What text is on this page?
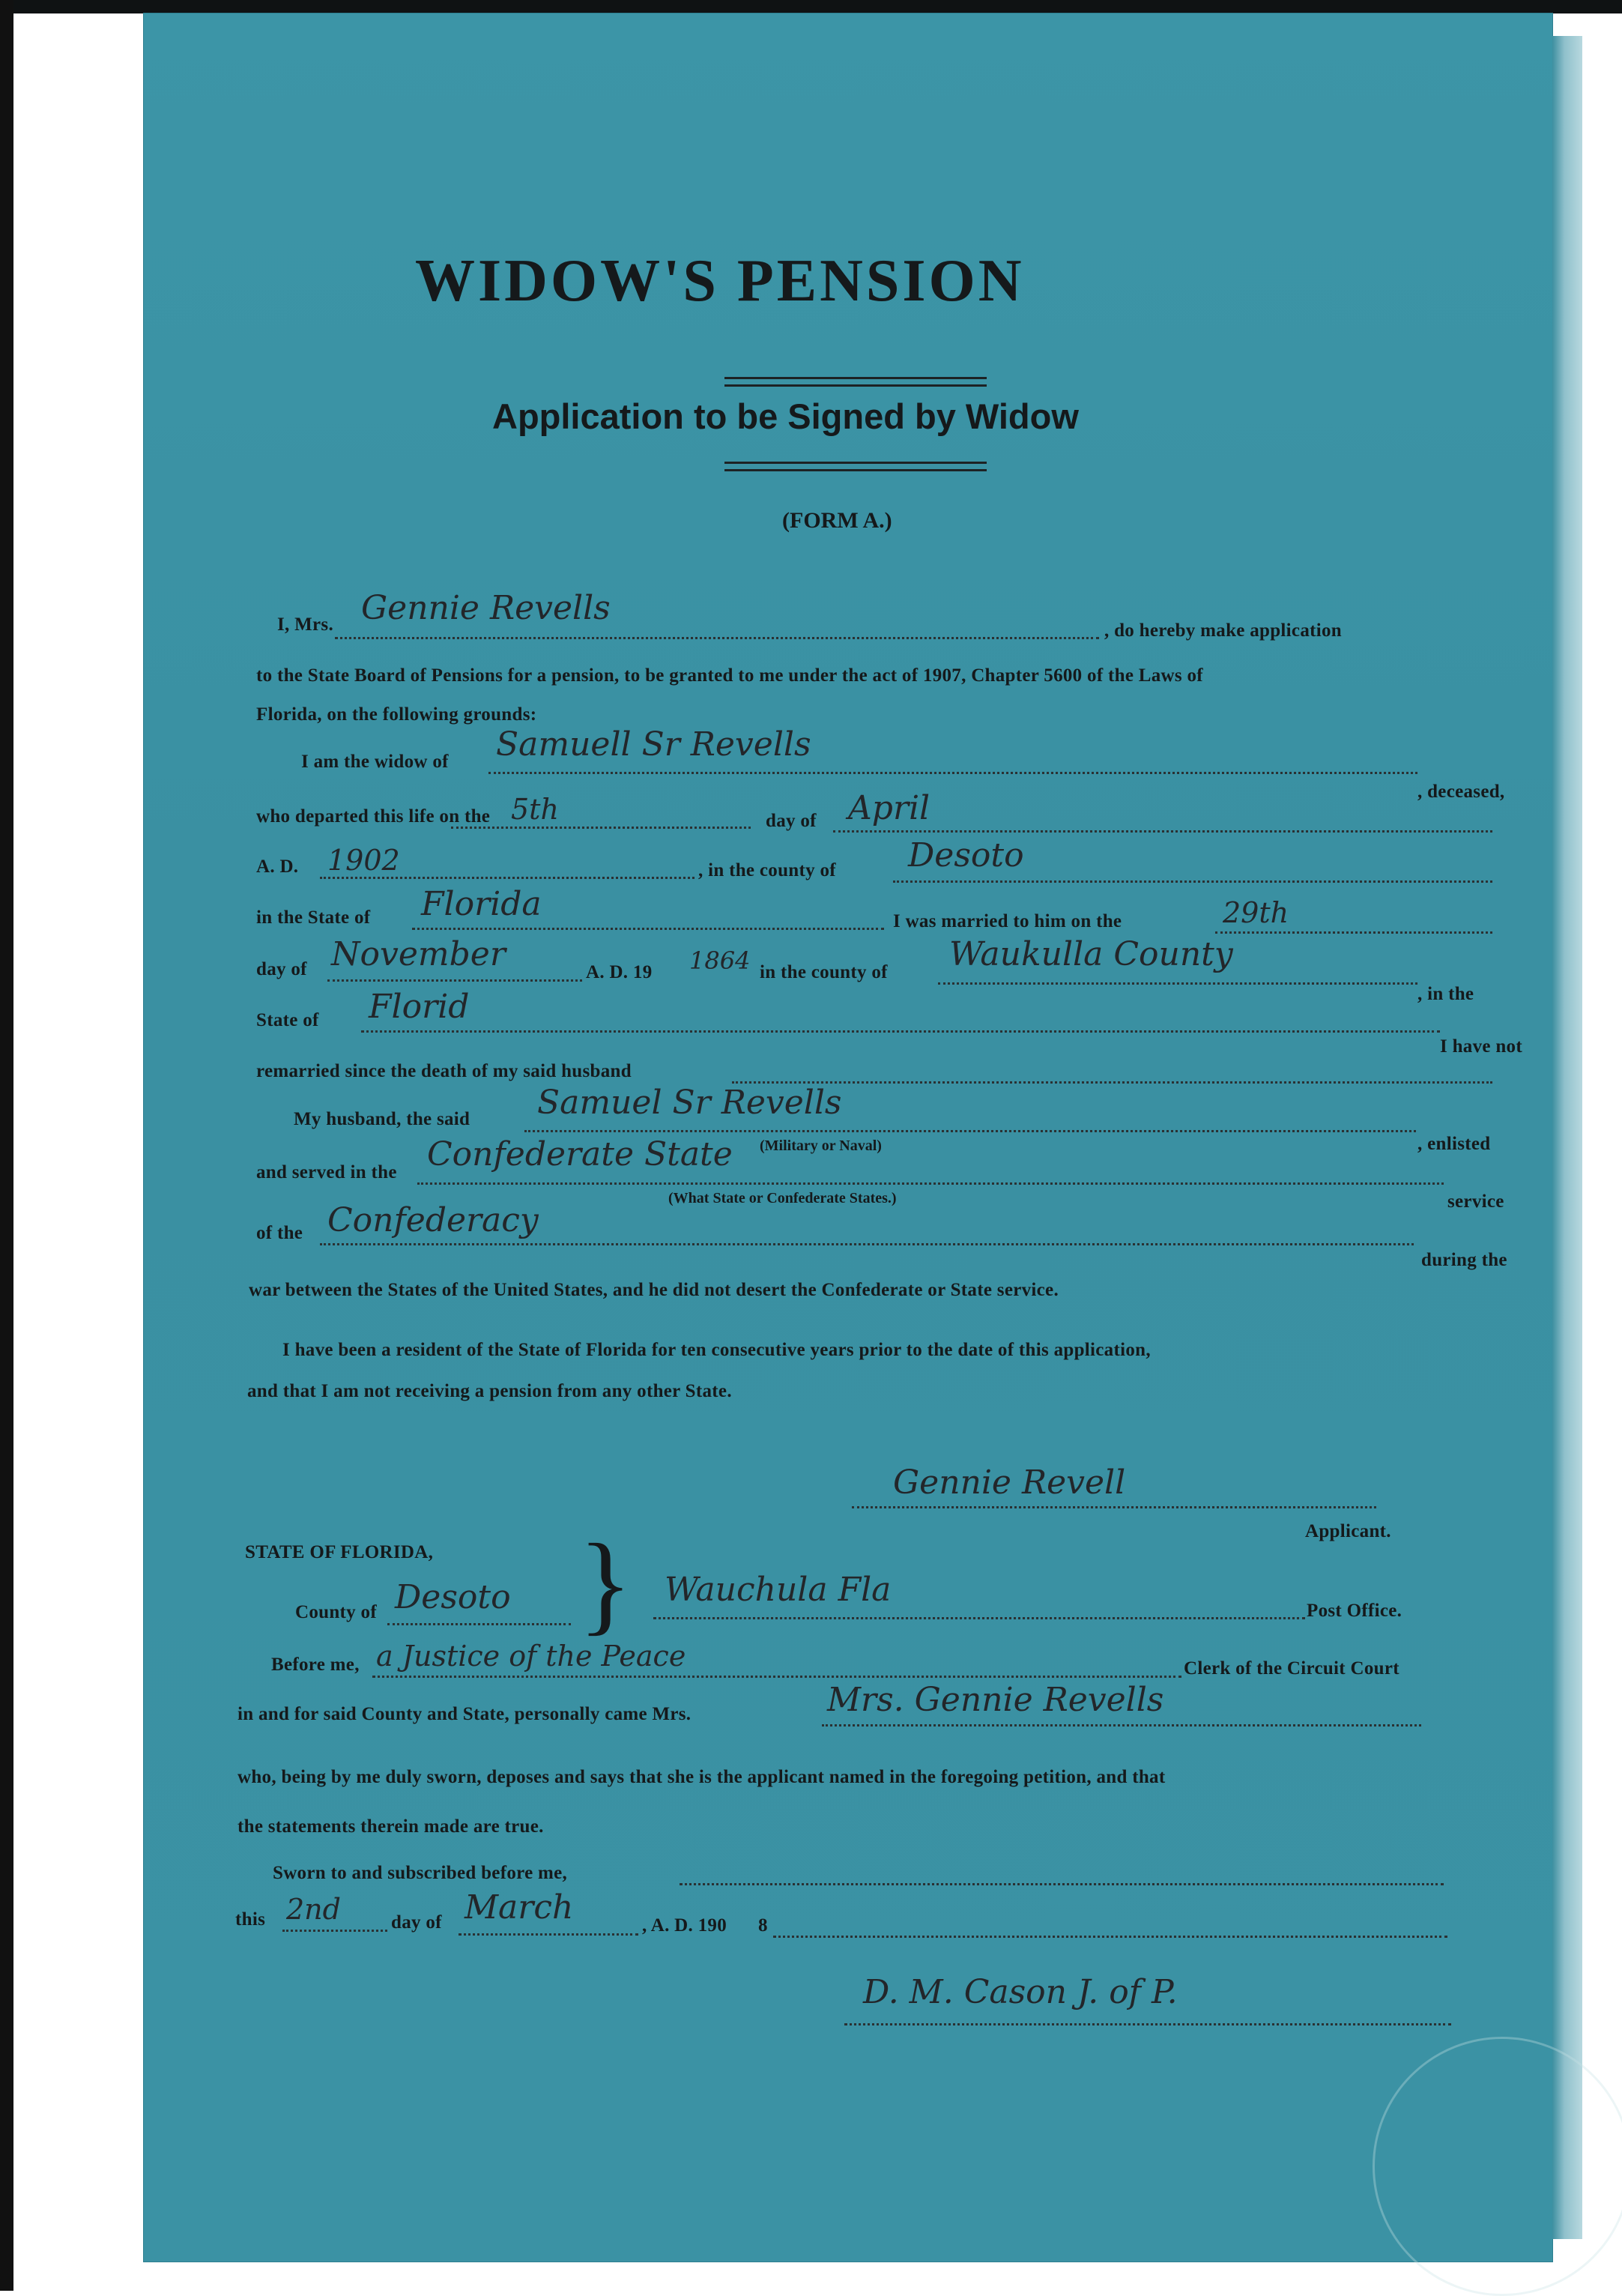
WIDOW'S PENSION
Application to be Signed by Widow
(FORM A.)
I, Mrs. Gennie Revells
, do hereby make application
to the State Board of Pensions for a pension, to be granted to me under the act of 1907, Chapter 5600 of the Laws of
Florida, on the following grounds:
I am the widow of Samuell Sr Revells
, deceased,
who departed this life on the 5th	day of April
A. D. 1902	, in the county of Desoto
in the State of Florida	I was married to him on the	29th
day of November	A. D. 19 1864 in the county of Waukulla County
, in the
State of Florid
I have not
remarried since the death of my said husband
My husband, the said Samuel Sr Revells
, enlisted
(Military or Naval)
and served in the Confederate State
(What State or Confederate States.)	service
of the Confederacy
during the
war between the States of the United States, and he did not desert the Confederate or State service.
I have been a resident of the State of Florida for ten consecutive years prior to the date of this application,
and that I am not receiving a pension from any other State.
Gennie Revell
Applicant.
STATE OF FLORIDA,
County of Desoto } Wauchula Fla
Post Office.
Before me, a Justice of the Peace	Clerk of the Circuit Court
in and for said County and State, personally came Mrs.	Mrs. Gennie Revells
who, being by me duly sworn, deposes and says that she is the applicant named in the foregoing petition, and that
the statements therein made are true.
Sworn to and subscribed before me,
this 2nd	day of March	, A. D. 190 8
D. M. Cason J. of P.
